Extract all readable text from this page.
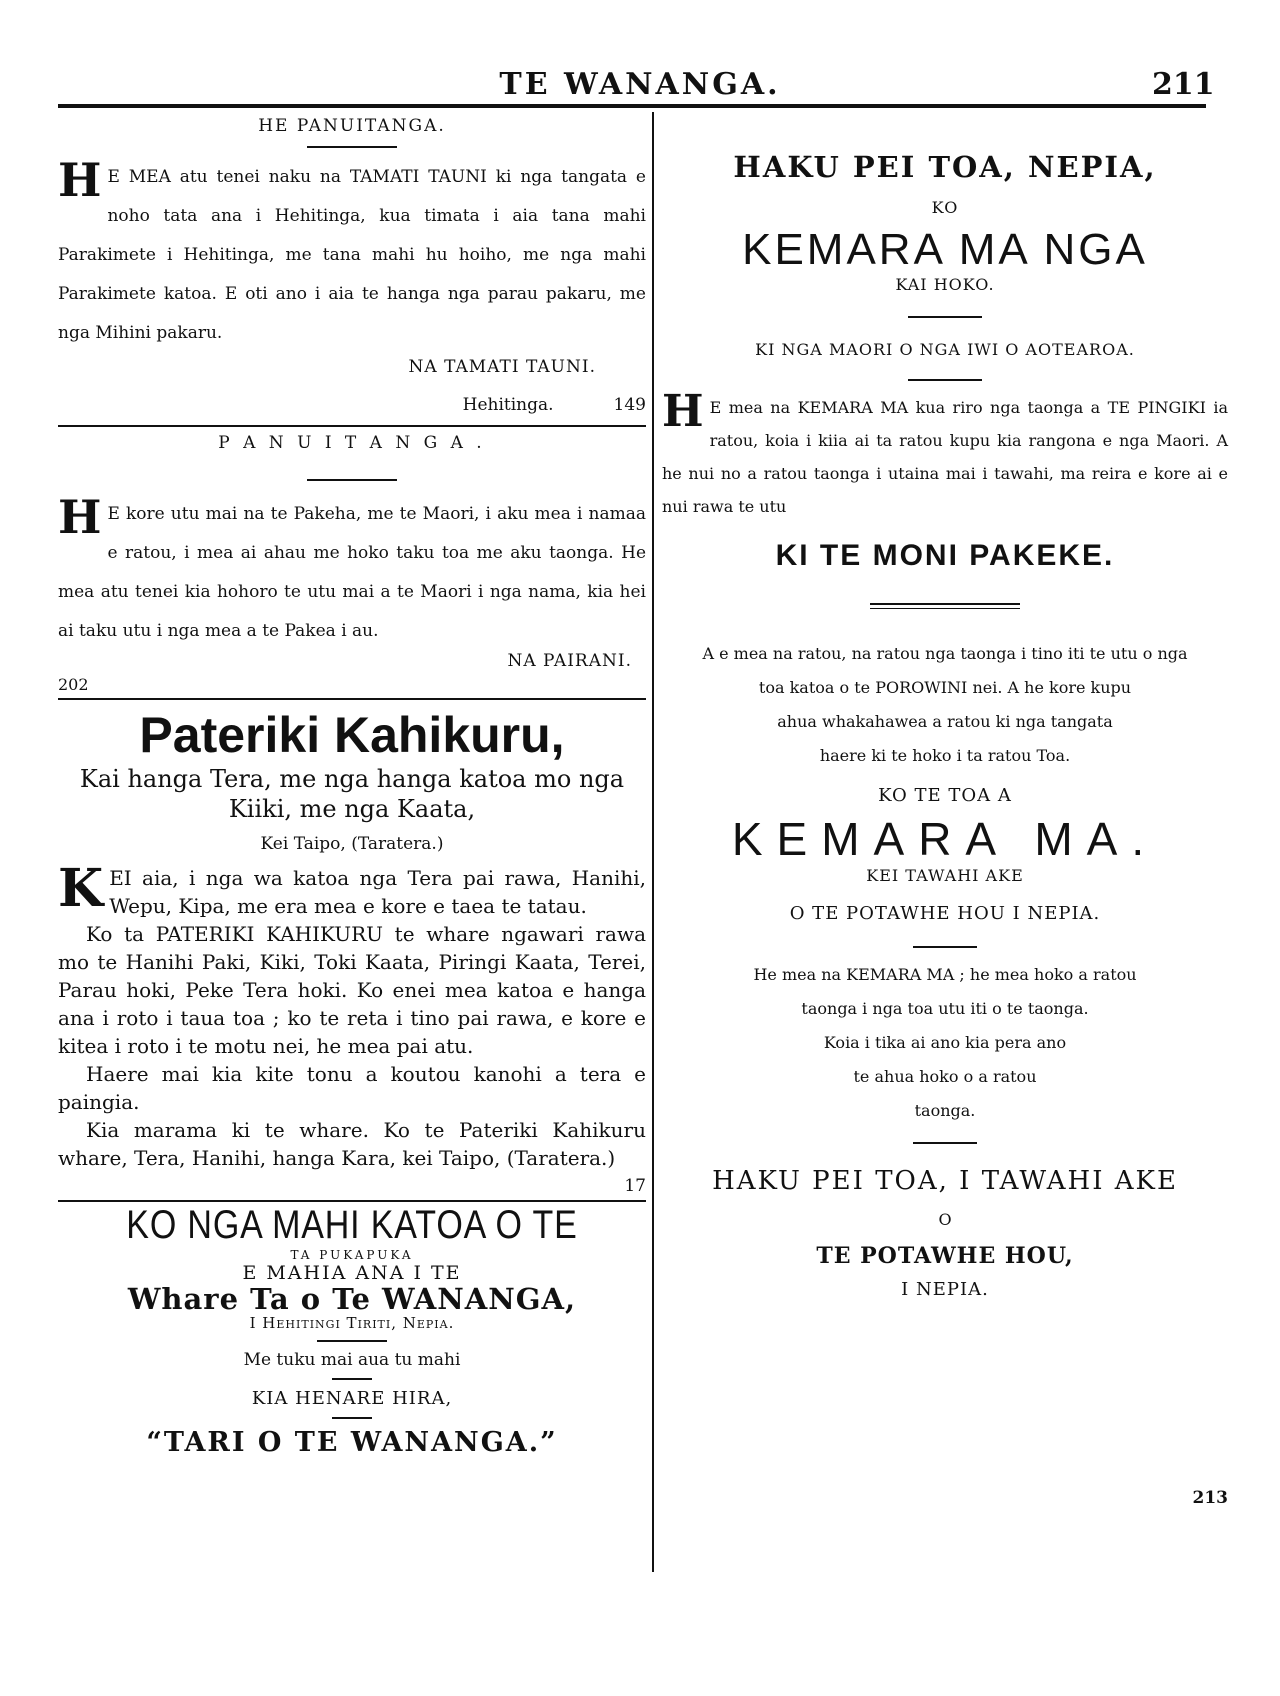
TE WANANGA.	211
HE PANUITANGA.
H E MEA atu tenei naku na TAMATI TAUNI ki nga tangata e noho tata ana i Hehitinga, kua timata i aia tana mahi Parakimete i Hehitinga, me tana mahi hu hoiho, me nga mahi Parakimete katoa. E oti ano i aia te hanga nga parau pakaru, me nga Mihini pakaru.
NA TAMATI TAUNI.
Hehitinga.	149
P A N U I T A N G A .
H E kore utu mai na te Pakeha, me te Maori, i aku mea i namaa e ratou, i mea ai ahau me hoko taku toa me aku taonga. He mea atu tenei kia hohoro te utu mai a te Maori i nga nama, kia hei ai taku utu i nga mea a te Pakea i au.
NA PAIRANI.
202
Pateriki Kahikuru,
Kai hanga Tera, me nga hanga katoa mo nga Kiiki, me nga Kaata,
Kei Taipo, (Taratera.)
K EI aia, i nga wa katoa nga Tera pai rawa, Hanihi, Wepu, Kipa, me era mea e kore e taea te tatau.
Ko ta PATERIKI KAHIKURU te whare ngawari rawa mo te Hanihi Paki, Kiki, Toki Kaata, Piringi Kaata, Terei, Parau hoki, Peke Tera hoki. Ko enei mea katoa e hanga ana i roto i taua toa ; ko te reta i tino pai rawa, e kore e kitea i roto i te motu nei, he mea pai atu.
Haere mai kia kite tonu a koutou kanohi a tera e paingia.
Kia marama ki te whare. Ko te Pateriki Kahikuru whare, Tera, Hanihi, hanga Kara, kei Taipo, (Taratera.)
17
KO NGA MAHI KATOA O TE
TA PUKAPUKA
E MAHIA ANA I TE
Whare Ta o Te WANANGA,
I Hehitingi Tiriti, Nepia.
Me tuku mai aua tu mahi
KIA HENARE HIRA,
“TARI O TE WANANGA.”
HAKU PEI TOA, NEPIA,
KO
KEMARA MA NGA
KAI HOKO.
KI NGA MAORI O NGA IWI O AOTEAROA.
H E mea na KEMARA MA kua riro nga taonga a TE PINGIKI ia ratou, koia i kiia ai ta ratou kupu kia rangona e nga Maori. A he nui no a ratou taonga i utaina mai i tawahi, ma reira e kore ai e nui rawa te utu
KI TE MONI PAKEKE.
A e mea na ratou, na ratou nga taonga i tino iti te utu o nga
toa katoa o te POROWINI nei. A he kore kupu
ahua whakahawea a ratou ki nga tangata
haere ki te hoko i ta ratou Toa.
KO TE TOA A
KEMARA MA.
KEI TAWAHI AKE
O TE POTAWHE HOU I NEPIA.
He mea na KEMARA MA ; he mea hoko a ratou
taonga i nga toa utu iti o te taonga.
Koia i tika ai ano kia pera ano
te ahua hoko o a ratou
taonga.
HAKU PEI TOA, I TAWAHI AKE
O
TE POTAWHE HOU,
I NEPIA.
213
